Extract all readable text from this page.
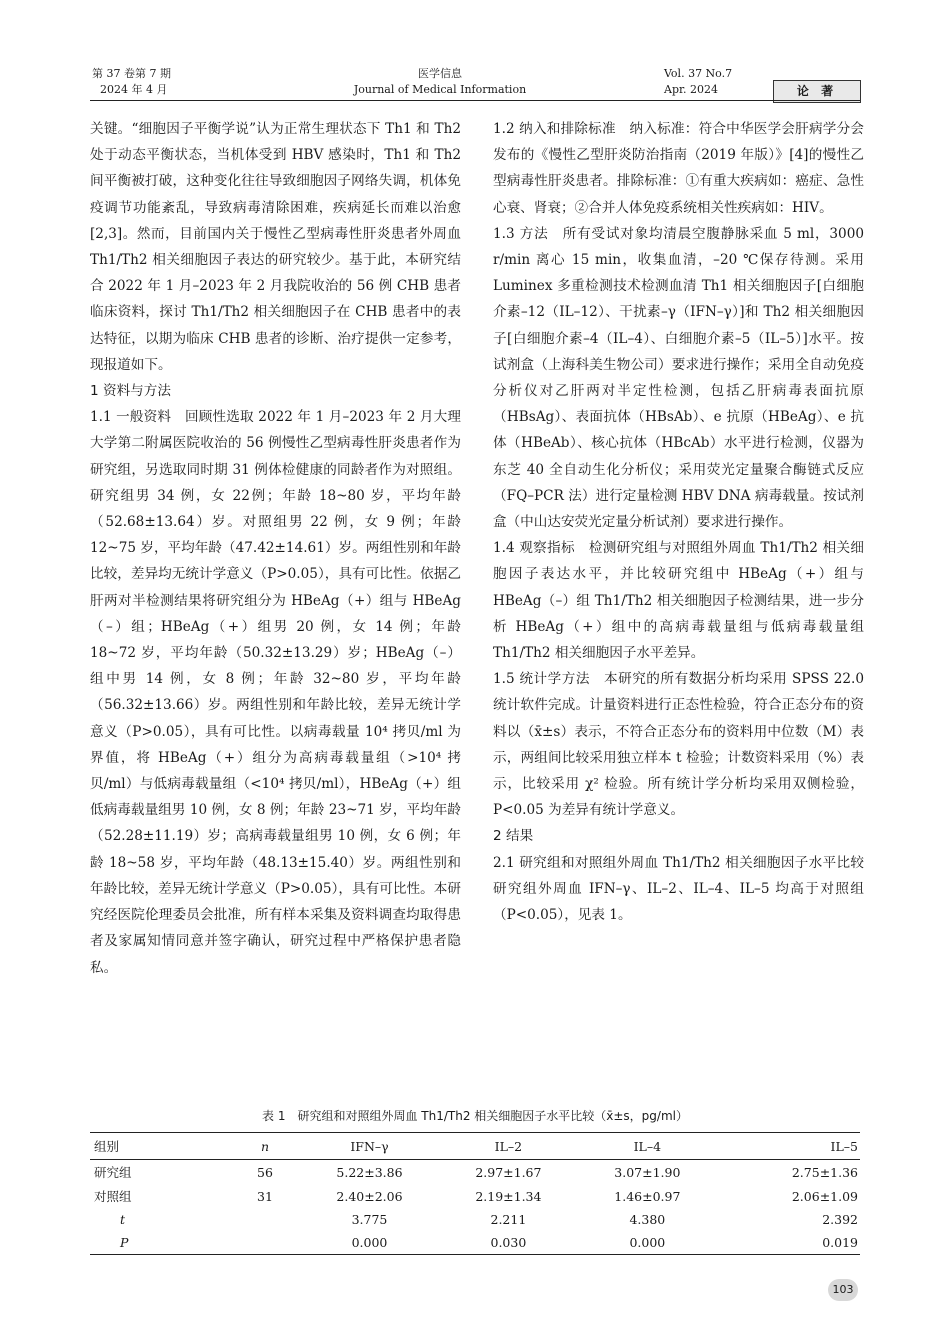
第 37 卷第 7 期
2024 年 4 月
医学信息
Journal of Medical Information
Vol. 37 No.7
Apr. 2024	论 著

关键。“细胞因子平衡学说”认为正常生理状态下 Th1 和 Th2 处于动态平衡状态，当机体受到 HBV 感染时，Th1 和 Th2 间平衡被打破，这种变化往往导致细胞因子网络失调，机体免疫调节功能紊乱，导致病毒清除困难，疾病延长而难以治愈[2,3]。然而，目前国内关于慢性乙型病毒性肝炎患者外周血 Th1/Th2 相关细胞因子表达的研究较少。基于此，本研究结合 2022 年 1 月–2023 年 2 月我院收治的 56 例 CHB 患者临床资料，探讨 Th1/Th2 相关细胞因子在 CHB 患者中的表达特征，以期为临床 CHB 患者的诊断、治疗提供一定参考，现报道如下。

1 资料与方法

1.1 一般资料　回顾性选取 2022 年 1 月–2023 年 2 月大理大学第二附属医院收治的 56 例慢性乙型病毒性肝炎患者作为研究组，另选取同时期 31 例体检健康的同龄者作为对照组。研究组男 34 例，女 22例；年龄 18~80 岁，平均年龄（52.68±13.64）岁。对照组男 22 例，女 9 例；年龄 12~75 岁，平均年龄（47.42±14.61）岁。两组性别和年龄比较，差异均无统计学意义（P>0.05），具有可比性。依据乙肝两对半检测结果将研究组分为 HBeAg（+）组与 HBeAg（–）组；HBeAg（+）组男 20 例，女 14 例；年龄 18~72 岁，平均年龄（50.32±13.29）岁；HBeAg（–）组中男 14 例，女 8 例；年龄 32~80 岁，平均年龄（56.32±13.66）岁。两组性别和年龄比较，差异无统计学意义（P>0.05），具有可比性。以病毒载量 10⁴ 拷贝/ml 为界值，将 HBeAg（+）组分为高病毒载量组（>10⁴ 拷贝/ml）与低病毒载量组（<10⁴ 拷贝/ml），HBeAg（+）组低病毒载量组男 10 例，女 8 例；年龄 23~71 岁，平均年龄（52.28±11.19）岁；高病毒载量组男 10 例，女 6 例；年龄 18~58 岁，平均年龄（48.13±15.40）岁。两组性别和年龄比较，差异无统计学意义（P>0.05），具有可比性。本研究经医院伦理委员会批准，所有样本采集及资料调查均取得患者及家属知情同意并签字确认，研究过程中严格保护患者隐私。

1.2 纳入和排除标准　纳入标准：符合中华医学会肝病学分会发布的《慢性乙型肝炎防治指南（2019 年版）》[4]的慢性乙型病毒性肝炎患者。排除标准：①有重大疾病如：癌症、急性心衰、肾衰；②合并人体免疫系统相关性疾病如：HIV。

1.3 方法　所有受试对象均清晨空腹静脉采血 5 ml，3000 r/min 离心 15 min，收集血清，–20 ℃保存待测。采用 Luminex 多重检测技术检测血清 Th1 相关细胞因子[白细胞介素–12（IL–12）、干扰素–γ（IFN–γ）]和 Th2 相关细胞因子[白细胞介素–4（IL–4）、白细胞介素–5（IL–5）]水平。按试剂盒（上海科美生物公司）要求进行操作；采用全自动免疫分析仪对乙肝两对半定性检测，包括乙肝病毒表面抗原（HBsAg）、表面抗体（HBsAb）、e 抗原（HBeAg）、e 抗体（HBeAb）、核心抗体（HBcAb）水平进行检测，仪器为东芝 40 全自动生化分析仪；采用荧光定量聚合酶链式反应（FQ–PCR 法）进行定量检测 HBV DNA 病毒载量。按试剂盒（中山达安荧光定量分析试剂）要求进行操作。

1.4 观察指标　检测研究组与对照组外周血 Th1/Th2 相关细胞因子表达水平，并比较研究组中 HBeAg（+）组与 HBeAg（–）组 Th1/Th2 相关细胞因子检测结果，进一步分析 HBeAg（+）组中的高病毒载量组与低病毒载量组 Th1/Th2 相关细胞因子水平差异。

1.5 统计学方法　本研究的所有数据分析均采用 SPSS 22.0 统计软件完成。计量资料进行正态性检验，符合正态分布的资料以（x̄±s）表示，不符合正态分布的资料用中位数（M）表示，两组间比较采用独立样本 t 检验；计数资料采用（%）表示，比较采用 χ² 检验。所有统计学分析均采用双侧检验，P<0.05 为差异有统计学意义。

2 结果

2.1 研究组和对照组外周血 Th1/Th2 相关细胞因子水平比较　研究组外周血 IFN–γ、IL–2、IL–4、IL–5 均高于对照组（P<0.05），见表 1。

表 1　研究组和对照组外周血 Th1/Th2 相关细胞因子水平比较（x̄±s，pg/ml）
组别	n	IFN–γ	IL–2	IL–4	IL–5
研究组	56	5.22±3.86	2.97±1.67	3.07±1.90	2.75±1.36
对照组	31	2.40±2.06	2.19±1.34	1.46±0.97	2.06±1.09
t		3.775	2.211	4.380	2.392
P		0.000	0.030	0.000	0.019
103
